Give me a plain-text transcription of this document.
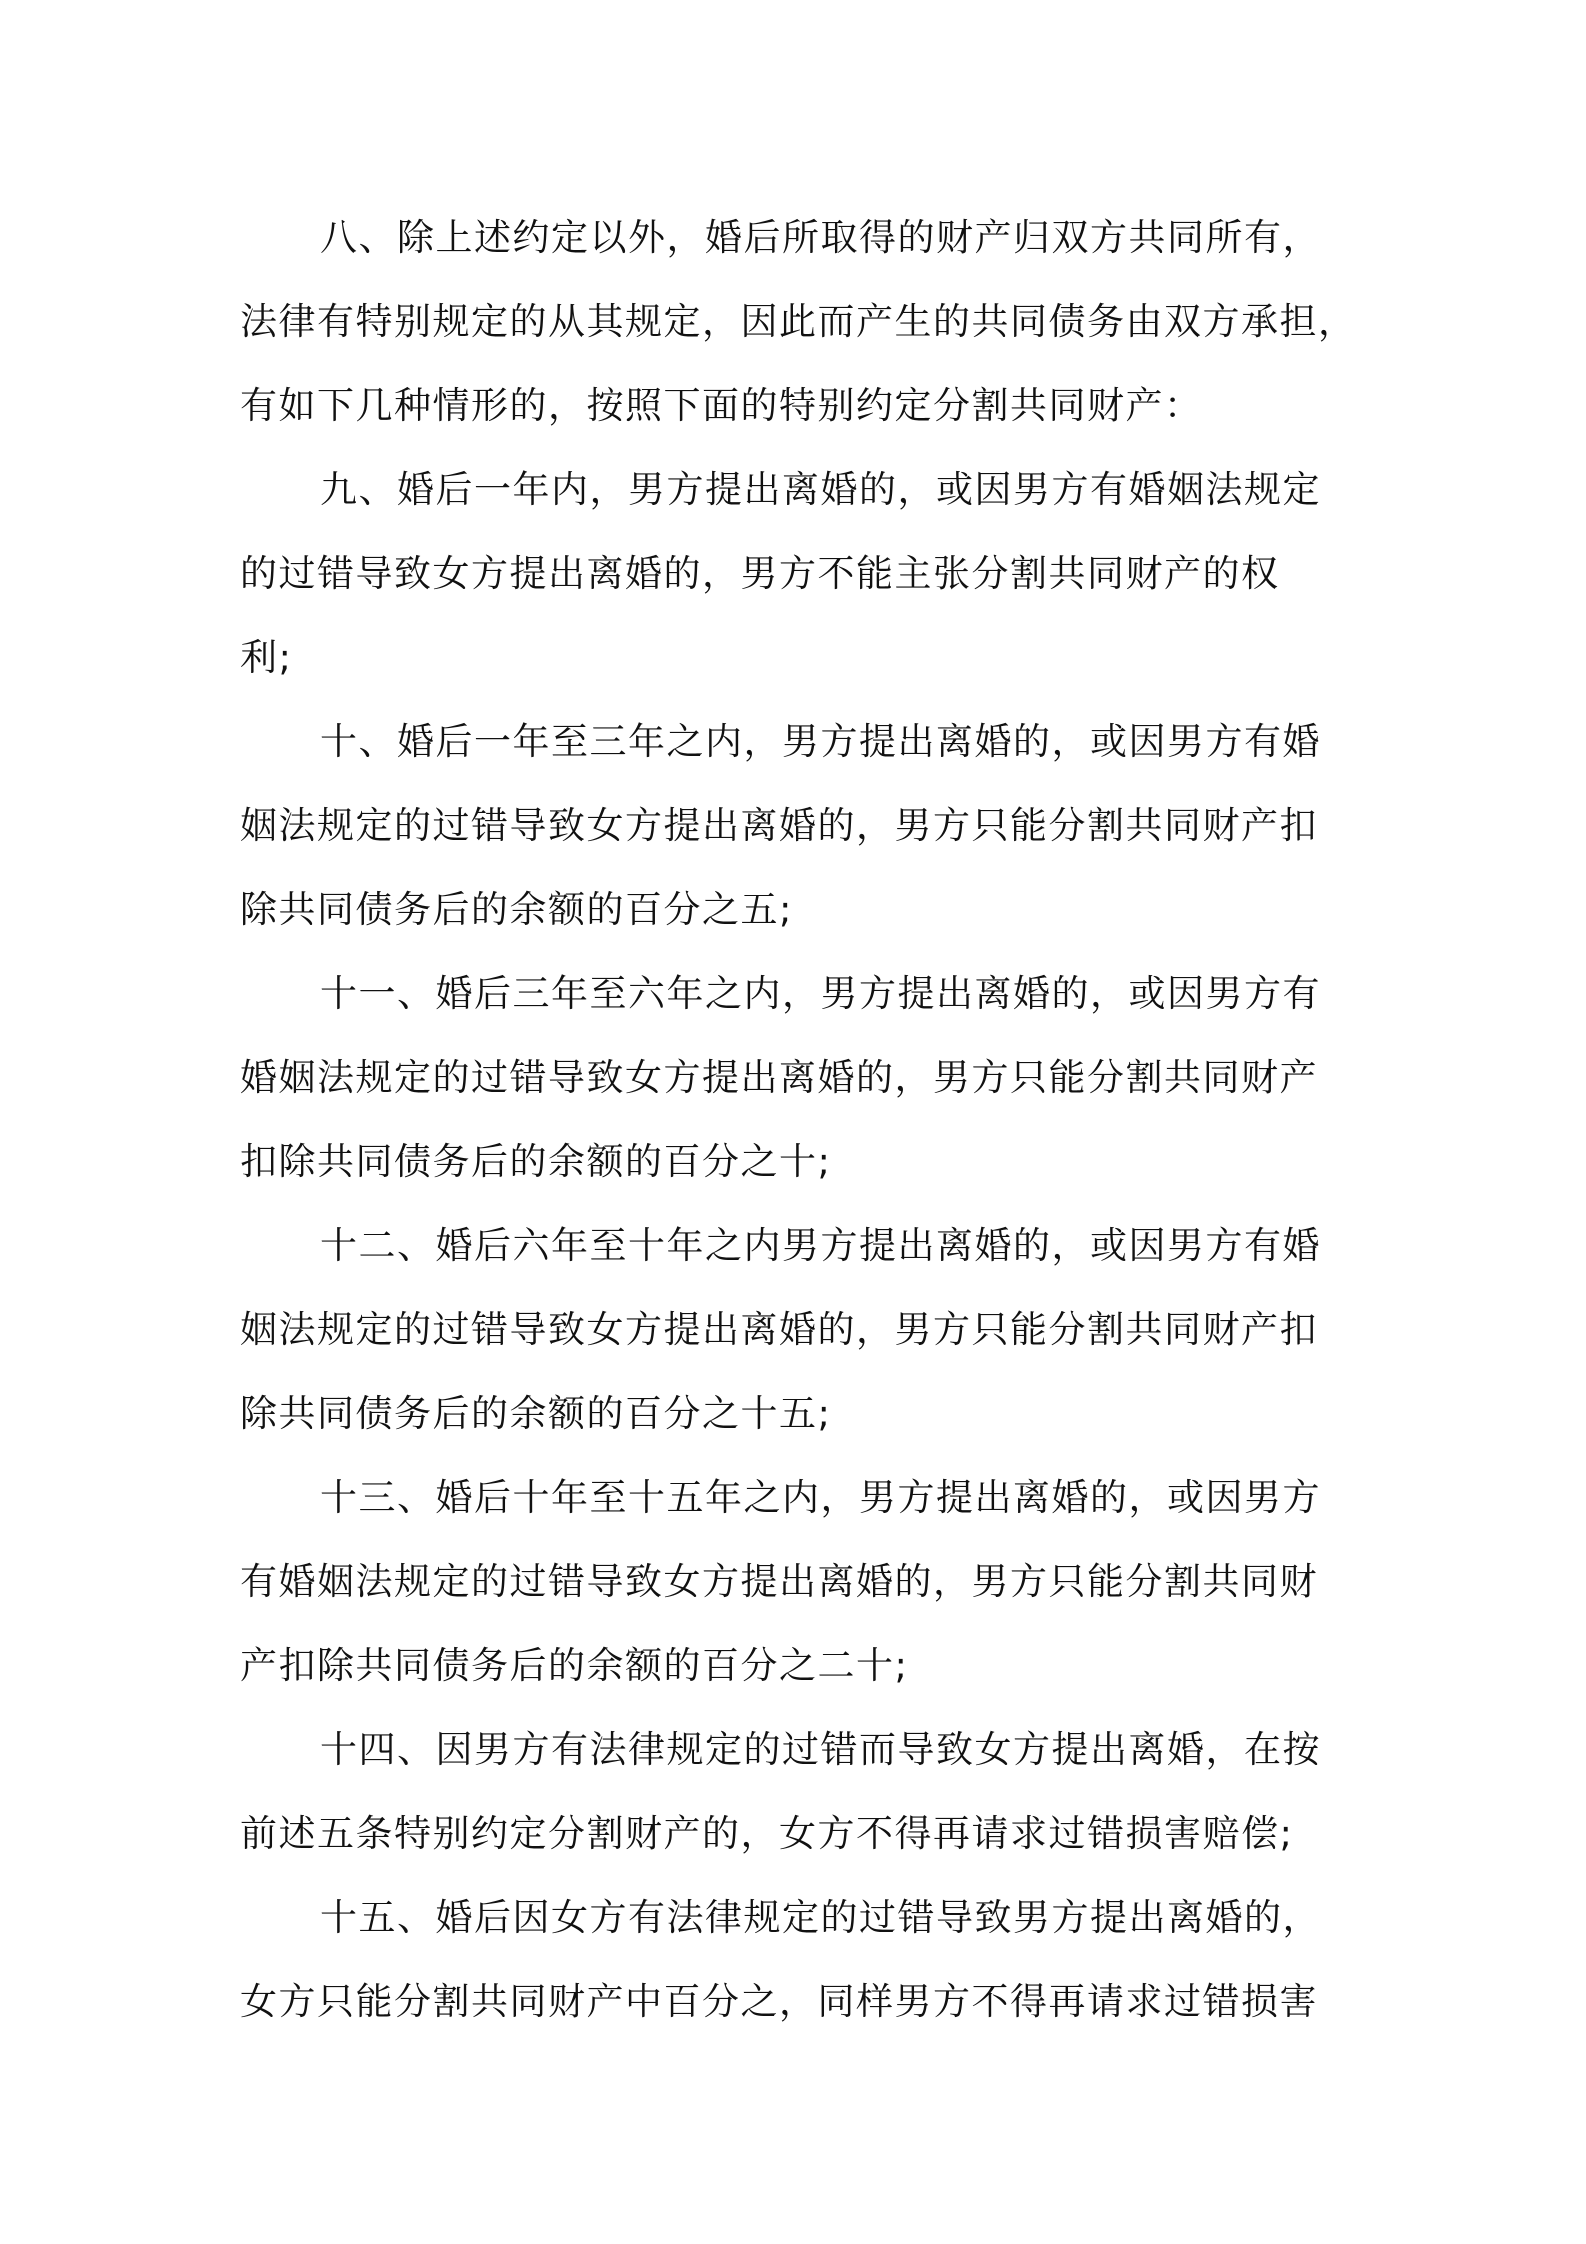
八、除上述约定以外，婚后所取得的财产归双方共同所有，
法律有特别规定的从其规定，因此而产生的共同债务由双方承担，
有如下几种情形的，按照下面的特别约定分割共同财产：

九、婚后一年内，男方提出离婚的，或因男方有婚姻法规定
的过错导致女方提出离婚的，男方不能主张分割共同财产的权
利;

十、婚后一年至三年之内，男方提出离婚的，或因男方有婚
姻法规定的过错导致女方提出离婚的，男方只能分割共同财产扣
除共同债务后的余额的百分之五;

十一、婚后三年至六年之内，男方提出离婚的，或因男方有
婚姻法规定的过错导致女方提出离婚的，男方只能分割共同财产
扣除共同债务后的余额的百分之十;

十二、婚后六年至十年之内男方提出离婚的，或因男方有婚
姻法规定的过错导致女方提出离婚的，男方只能分割共同财产扣
除共同债务后的余额的百分之十五;

十三、婚后十年至十五年之内，男方提出离婚的，或因男方
有婚姻法规定的过错导致女方提出离婚的，男方只能分割共同财
产扣除共同债务后的余额的百分之二十;

十四、因男方有法律规定的过错而导致女方提出离婚，在按
前述五条特别约定分割财产的，女方不得再请求过错损害赔偿;

十五、婚后因女方有法律规定的过错导致男方提出离婚的，
女方只能分割共同财产中百分之，同样男方不得再请求过错损害
